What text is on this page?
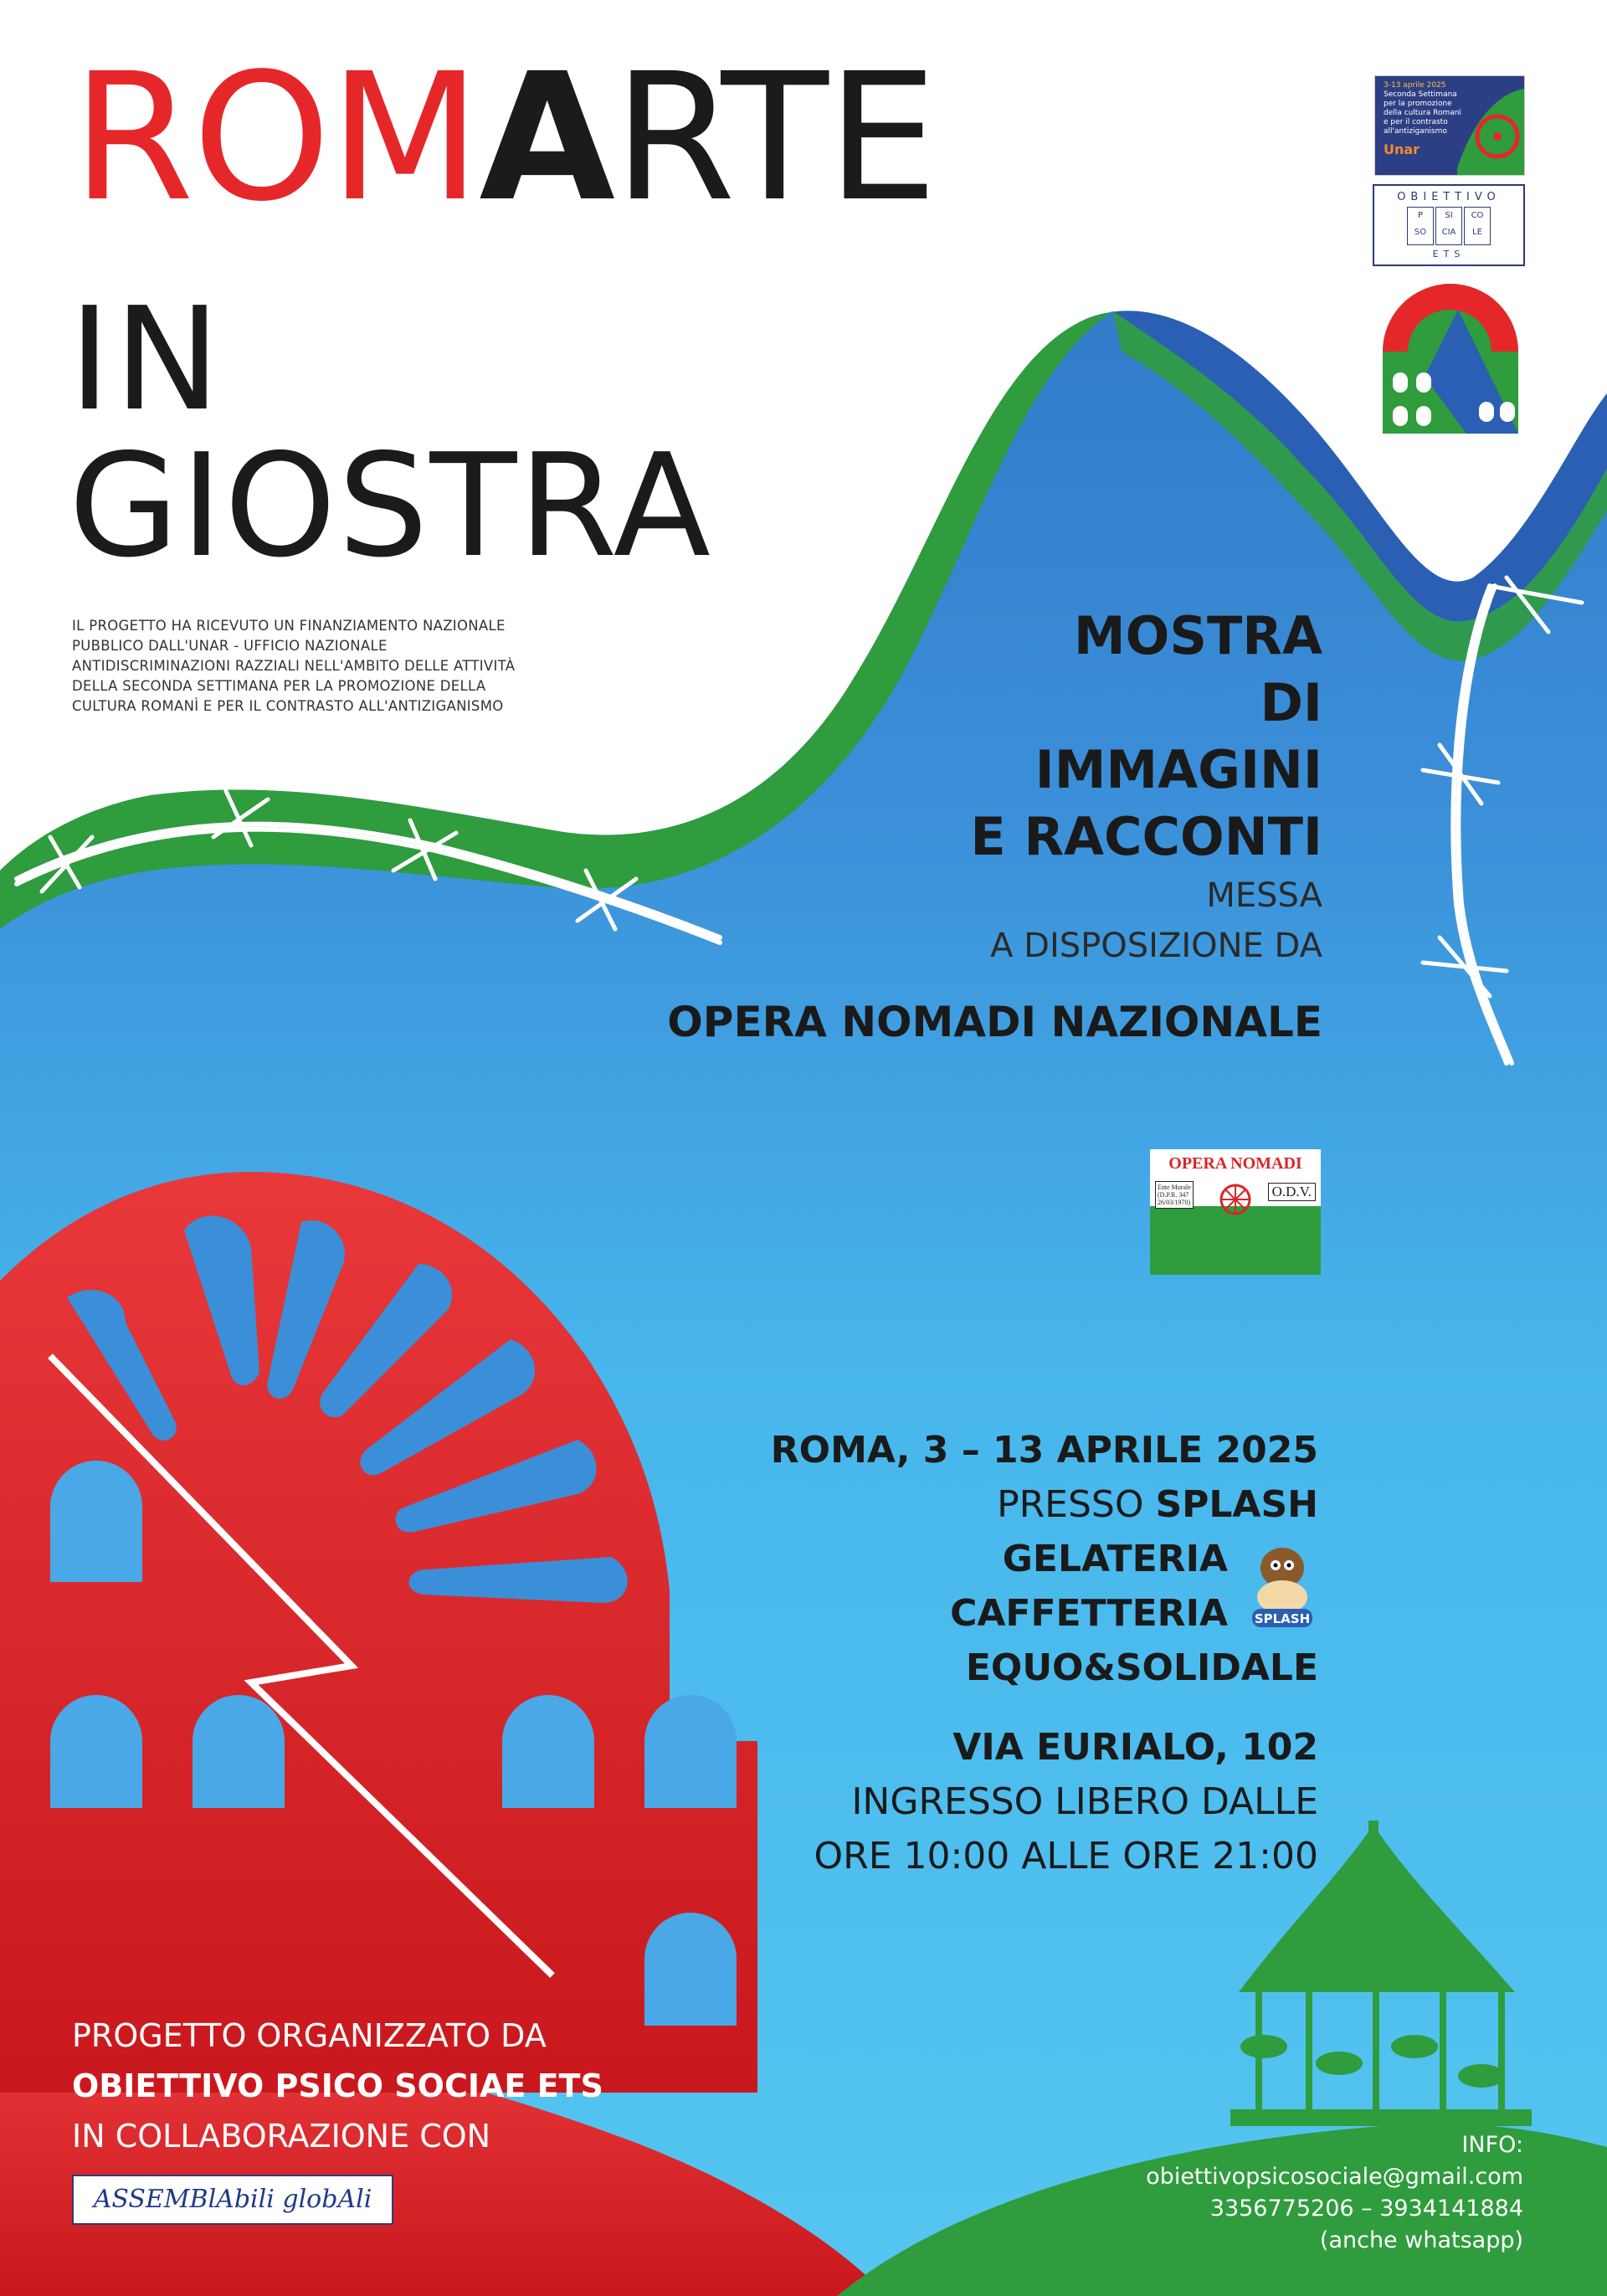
ROMARTE
IN
GIOSTRA
IL PROGETTO HA RICEVUTO UN FINANZIAMENTO NAZIONALE
PUBBLICO DALL'UNAR - UFFICIO NAZIONALE
ANTIDISCRIMINAZIONI RAZZIALI NELL'AMBITO DELLE ATTIVITÀ
DELLA SECONDA SETTIMANA PER LA PROMOZIONE DELLA
CULTURA ROMANÌ E PER IL CONTRASTO ALL'ANTIZIGANISMO
3-13 aprile 2025
Seconda Settimana
per la promozione
della cultura Romanì
e per il contrasto
all'antiziganismo
Unar
OBIETTIVO
P
SO
SI
CIA
CO
LE
ETS
MOSTRA
DI
IMMAGINI
E RACCONTI
MESSA
A DISPOSIZIONE DA
OPERA NOMADI NAZIONALE
OPERA NOMADI
Ente Morale
(D.P.R. 347
26/03/1970)
O.D.V.
ROMA, 3 – 13 APRILE 2025
PRESSO SPLASH
GELATERIA
CAFFETTERIA
EQUO&SOLIDALE
VIA EURIALO, 102
INGRESSO LIBERO DALLE
ORE 10:00 ALLE ORE 21:00
SPLASH
PROGETTO ORGANIZZATO DA
OBIETTIVO PSICO SOCIAE ETS
IN COLLABORAZIONE CON
ASSEMBlAbili globAli
INFO:
obiettivopsicosociale@gmail.com
3356775206 – 3934141884
(anche whatsapp)
